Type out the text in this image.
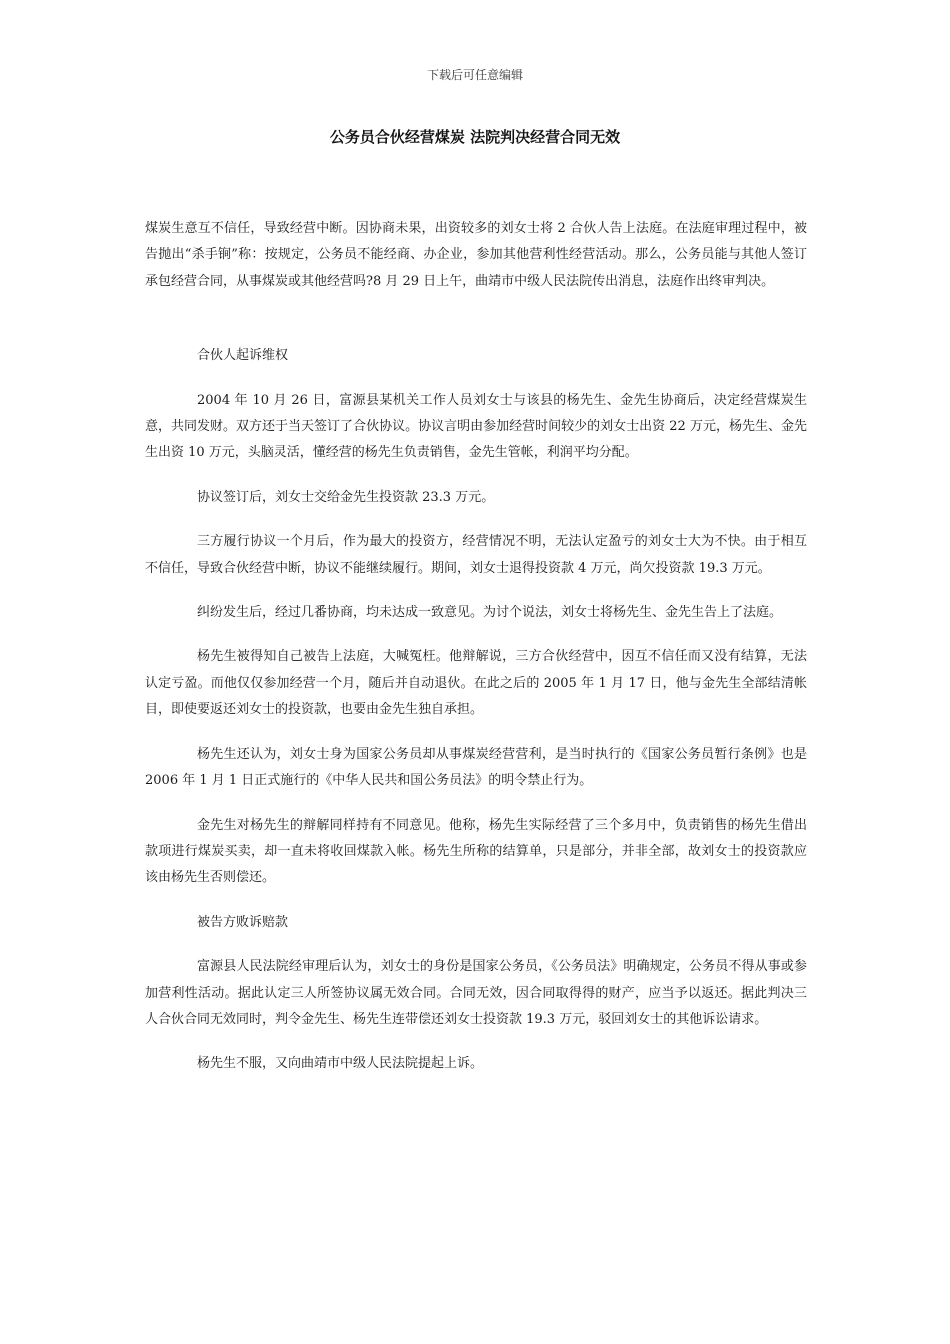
下载后可任意编辑
公务员合伙经营煤炭 法院判决经营合同无效

煤炭生意互不信任，导致经营中断。因协商未果，出资较多的刘女士将 2 合伙人告上法庭。在法庭审理过程中，被告抛出“杀手锏”称：按规定，公务员不能经商、办企业，参加其他营利性经营活动。那么，公务员能与其他人签订承包经营合同，从事煤炭或其他经营吗?8 月 29 日上午，曲靖市中级人民法院传出消息，法庭作出终审判决。

合伙人起诉维权

2004 年 10 月 26 日，富源县某机关工作人员刘女士与该县的杨先生、金先生协商后，决定经营煤炭生意，共同发财。双方还于当天签订了合伙协议。协议言明由参加经营时间较少的刘女士出资 22 万元，杨先生、金先生出资 10 万元，头脑灵活，懂经营的杨先生负责销售，金先生管帐，利润平均分配。

协议签订后，刘女士交给金先生投资款 23.3 万元。

三方履行协议一个月后，作为最大的投资方，经营情况不明，无法认定盈亏的刘女士大为不快。由于相互不信任，导致合伙经营中断，协议不能继续履行。期间，刘女士退得投资款 4 万元，尚欠投资款 19.3 万元。

纠纷发生后，经过几番协商，均未达成一致意见。为讨个说法，刘女士将杨先生、金先生告上了法庭。

杨先生被得知自己被告上法庭，大喊冤枉。他辩解说，三方合伙经营中，因互不信任而又没有结算，无法认定亏盈。而他仅仅参加经营一个月，随后并自动退伙。在此之后的 2005 年 1 月 17 日，他与金先生全部结清帐目，即使要返还刘女士的投资款，也要由金先生独自承担。

杨先生还认为，刘女士身为国家公务员却从事煤炭经营营利，是当时执行的《国家公务员暂行条例》也是 2006 年 1 月 1 日正式施行的《中华人民共和国公务员法》的明令禁止行为。

金先生对杨先生的辩解同样持有不同意见。他称，杨先生实际经营了三个多月中，负责销售的杨先生借出款项进行煤炭买卖，却一直未将收回煤款入帐。杨先生所称的结算单，只是部分，并非全部，故刘女士的投资款应该由杨先生否则偿还。

被告方败诉赔款

富源县人民法院经审理后认为，刘女士的身份是国家公务员，《公务员法》明确规定，公务员不得从事或参加营利性活动。据此认定三人所签协议属无效合同。合同无效，因合同取得得的财产，应当予以返还。据此判决三人合伙合同无效同时，判令金先生、杨先生连带偿还刘女士投资款 19.3 万元，驳回刘女士的其他诉讼请求。

杨先生不服，又向曲靖市中级人民法院提起上诉。
